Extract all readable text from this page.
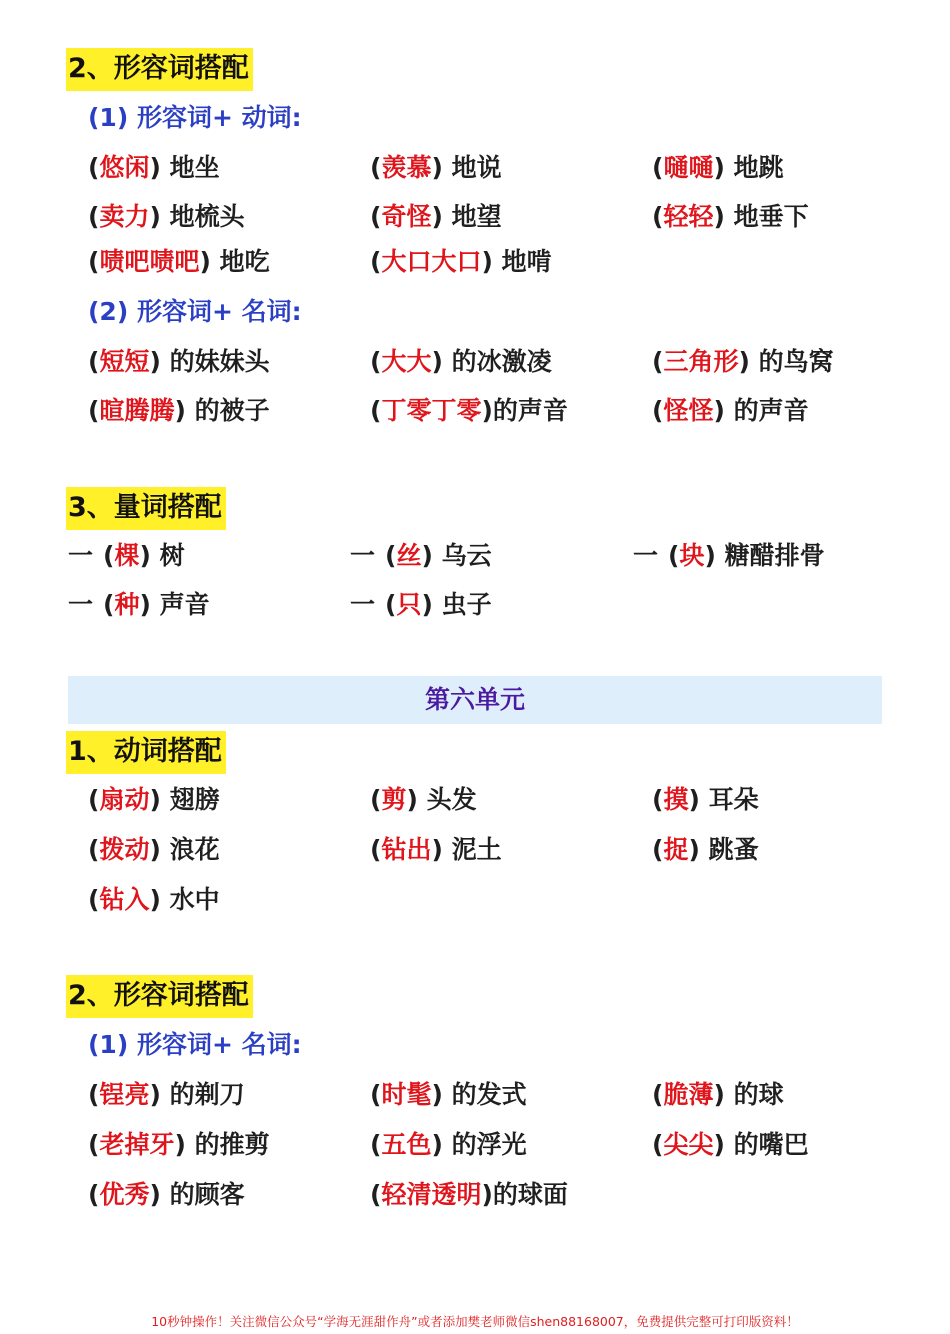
2、形容词搭配
(1) 形容词+ 动词:
(悠闲) 地坐	(羡慕) 地说	(嗵嗵) 地跳
(卖力) 地梳头	(奇怪) 地望	(轻轻) 地垂下
(啧吧啧吧) 地吃	(大口大口) 地啃
(2) 形容词+ 名词:
(短短) 的妹妹头	(大大) 的冰激凌	(三角形) 的鸟窝
(暄腾腾) 的被子	(丁零丁零)的声音	(怪怪) 的声音
3、量词搭配
一 (棵) 树	一 (丝) 乌云	一 (块) 糖醋排骨
一 (种) 声音	一 (只) 虫子
第六单元
1、动词搭配
(扇动) 翅膀	(剪) 头发	(摸) 耳朵
(拨动) 浪花	(钻出) 泥土	(捉) 跳蚤
(钻入) 水中
2、形容词搭配
(1) 形容词+ 名词:
(锃亮) 的剃刀	(时髦) 的发式	(脆薄) 的球
(老掉牙) 的推剪	(五色) 的浮光	(尖尖) 的嘴巴
(优秀) 的顾客	(轻清透明)的球面
10秒钟操作！关注微信公众号“学海无涯甜作舟”或者添加樊老师微信shen88168007，免费提供完整可打印版资料！
